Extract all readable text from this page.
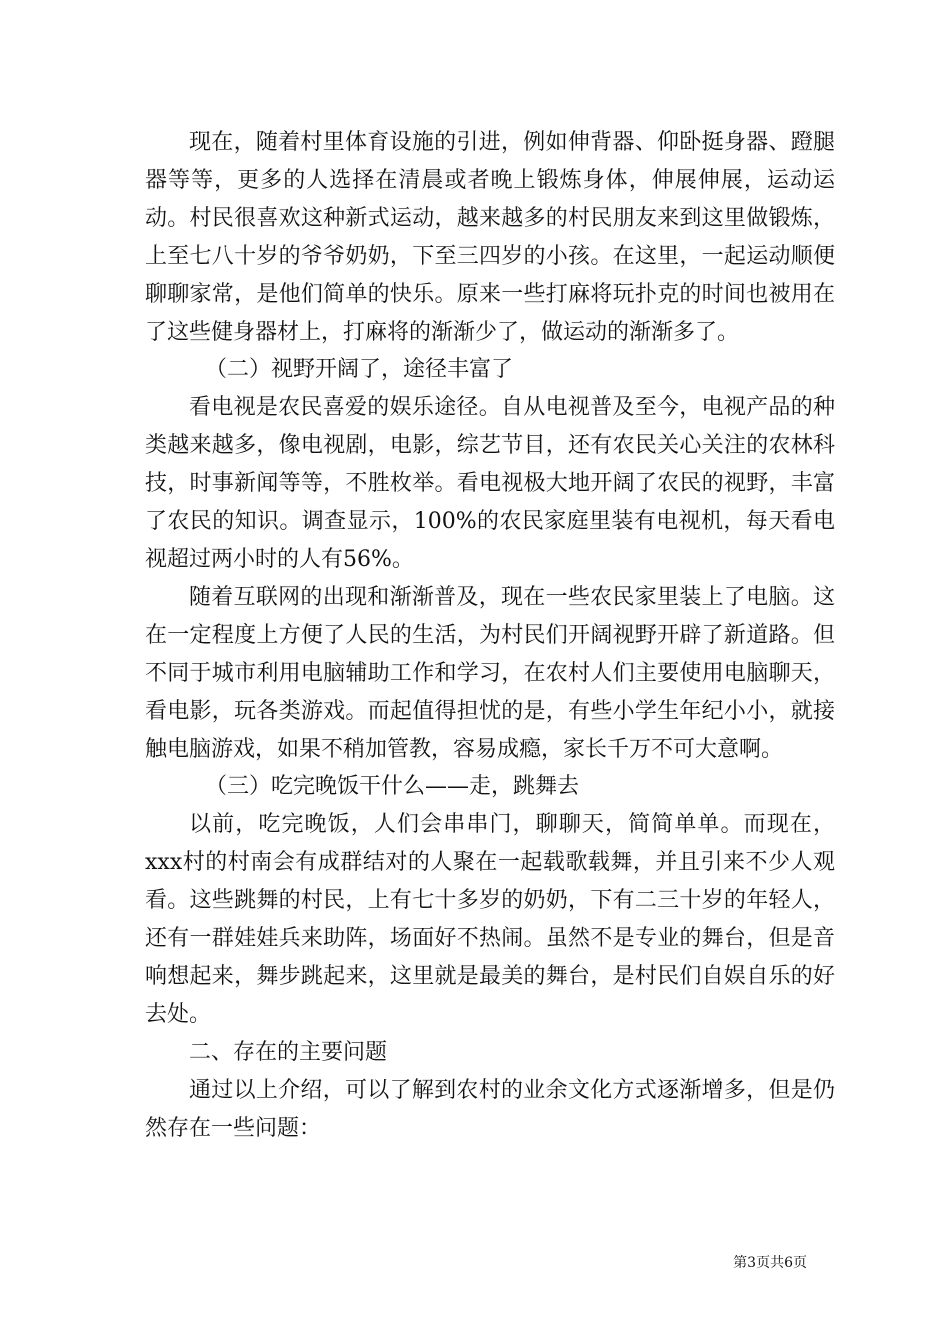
现在，随着村里体育设施的引进，例如伸背器、仰卧挺身器、蹬腿器等等，更多的人选择在清晨或者晚上锻炼身体，伸展伸展，运动运动。村民很喜欢这种新式运动，越来越多的村民朋友来到这里做锻炼，上至七八十岁的爷爷奶奶，下至三四岁的小孩。在这里，一起运动顺便聊聊家常，是他们简单的快乐。原来一些打麻将玩扑克的时间也被用在了这些健身器材上，打麻将的渐渐少了，做运动的渐渐多了。

（二）视野开阔了，途径丰富了

看电视是农民喜爱的娱乐途径。自从电视普及至今，电视产品的种类越来越多，像电视剧，电影，综艺节目，还有农民关心关注的农林科技，时事新闻等等，不胜枚举。看电视极大地开阔了农民的视野，丰富了农民的知识。调查显示，100%的农民家庭里装有电视机，每天看电视超过两小时的人有56%。

随着互联网的出现和渐渐普及，现在一些农民家里装上了电脑。这在一定程度上方便了人民的生活，为村民们开阔视野开辟了新道路。但不同于城市利用电脑辅助工作和学习，在农村人们主要使用电脑聊天，看电影，玩各类游戏。而起值得担忧的是，有些小学生年纪小小，就接触电脑游戏，如果不稍加管教，容易成瘾，家长千万不可大意啊。

（三）吃完晚饭干什么——走，跳舞去

以前，吃完晚饭，人们会串串门，聊聊天，简简单单。而现在，xxx村的村南会有成群结对的人聚在一起载歌载舞，并且引来不少人观看。这些跳舞的村民，上有七十多岁的奶奶，下有二三十岁的年轻人，还有一群娃娃兵来助阵，场面好不热闹。虽然不是专业的舞台，但是音响想起来，舞步跳起来，这里就是最美的舞台，是村民们自娱自乐的好去处。

二、存在的主要问题

通过以上介绍，可以了解到农村的业余文化方式逐渐增多，但是仍然存在一些问题：

第3页共6页
